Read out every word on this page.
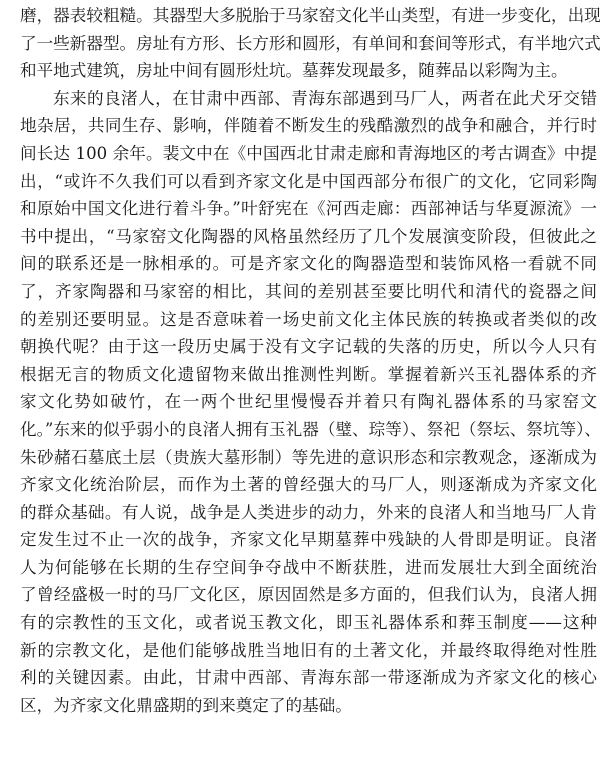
磨，器表较粗糙。其器型大多脱胎于马家窑文化半山类型，有进一步变化，出现
了一些新器型。房址有方形、长方形和圆形，有单间和套间等形式，有半地穴式
和平地式建筑，房址中间有圆形灶坑。墓葬发现最多，随葬品以彩陶为主。
东来的良渚人，在甘肃中西部、青海东部遇到马厂人，两者在此犬牙交错
地杂居，共同生存、影响，伴随着不断发生的残酷激烈的战争和融合，并行时
间长达 100 余年。裴文中在《中国西北甘肃走廊和青海地区的考古调查》中提
出，“或许不久我们可以看到齐家文化是中国西部分布很广的文化，它同彩陶
和原始中国文化进行着斗争。”叶舒宪在《河西走廊：西部神话与华夏源流》一
书中提出，“马家窑文化陶器的风格虽然经历了几个发展演变阶段，但彼此之
间的联系还是一脉相承的。可是齐家文化的陶器造型和装饰风格一看就不同
了，齐家陶器和马家窑的相比，其间的差别甚至要比明代和清代的瓷器之间
的差别还要明显。这是否意味着一场史前文化主体民族的转换或者类似的改
朝换代呢？由于这一段历史属于没有文字记载的失落的历史，所以今人只有
根据无言的物质文化遗留物来做出推测性判断。掌握着新兴玉礼器体系的齐
家文化势如破竹，在一两个世纪里慢慢吞并着只有陶礼器体系的马家窑文
化。”东来的似乎弱小的良渚人拥有玉礼器（璧、琮等）、祭祀（祭坛、祭坑等）、
朱砂赭石墓底土层（贵族大墓形制）等先进的意识形态和宗教观念，逐渐成为
齐家文化统治阶层，而作为土著的曾经强大的马厂人，则逐渐成为齐家文化
的群众基础。有人说，战争是人类进步的动力，外来的良渚人和当地马厂人肯
定发生过不止一次的战争，齐家文化早期墓葬中残缺的人骨即是明证。良渚
人为何能够在长期的生存空间争夺战中不断获胜，进而发展壮大到全面统治
了曾经盛极一时的马厂文化区，原因固然是多方面的，但我们认为，良渚人拥
有的宗教性的玉文化，或者说玉教文化，即玉礼器体系和葬玉制度——这种
新的宗教文化，是他们能够战胜当地旧有的土著文化，并最终取得绝对性胜
利的关键因素。由此，甘肃中西部、青海东部一带逐渐成为齐家文化的核心
区，为齐家文化鼎盛期的到来奠定了的基础。
